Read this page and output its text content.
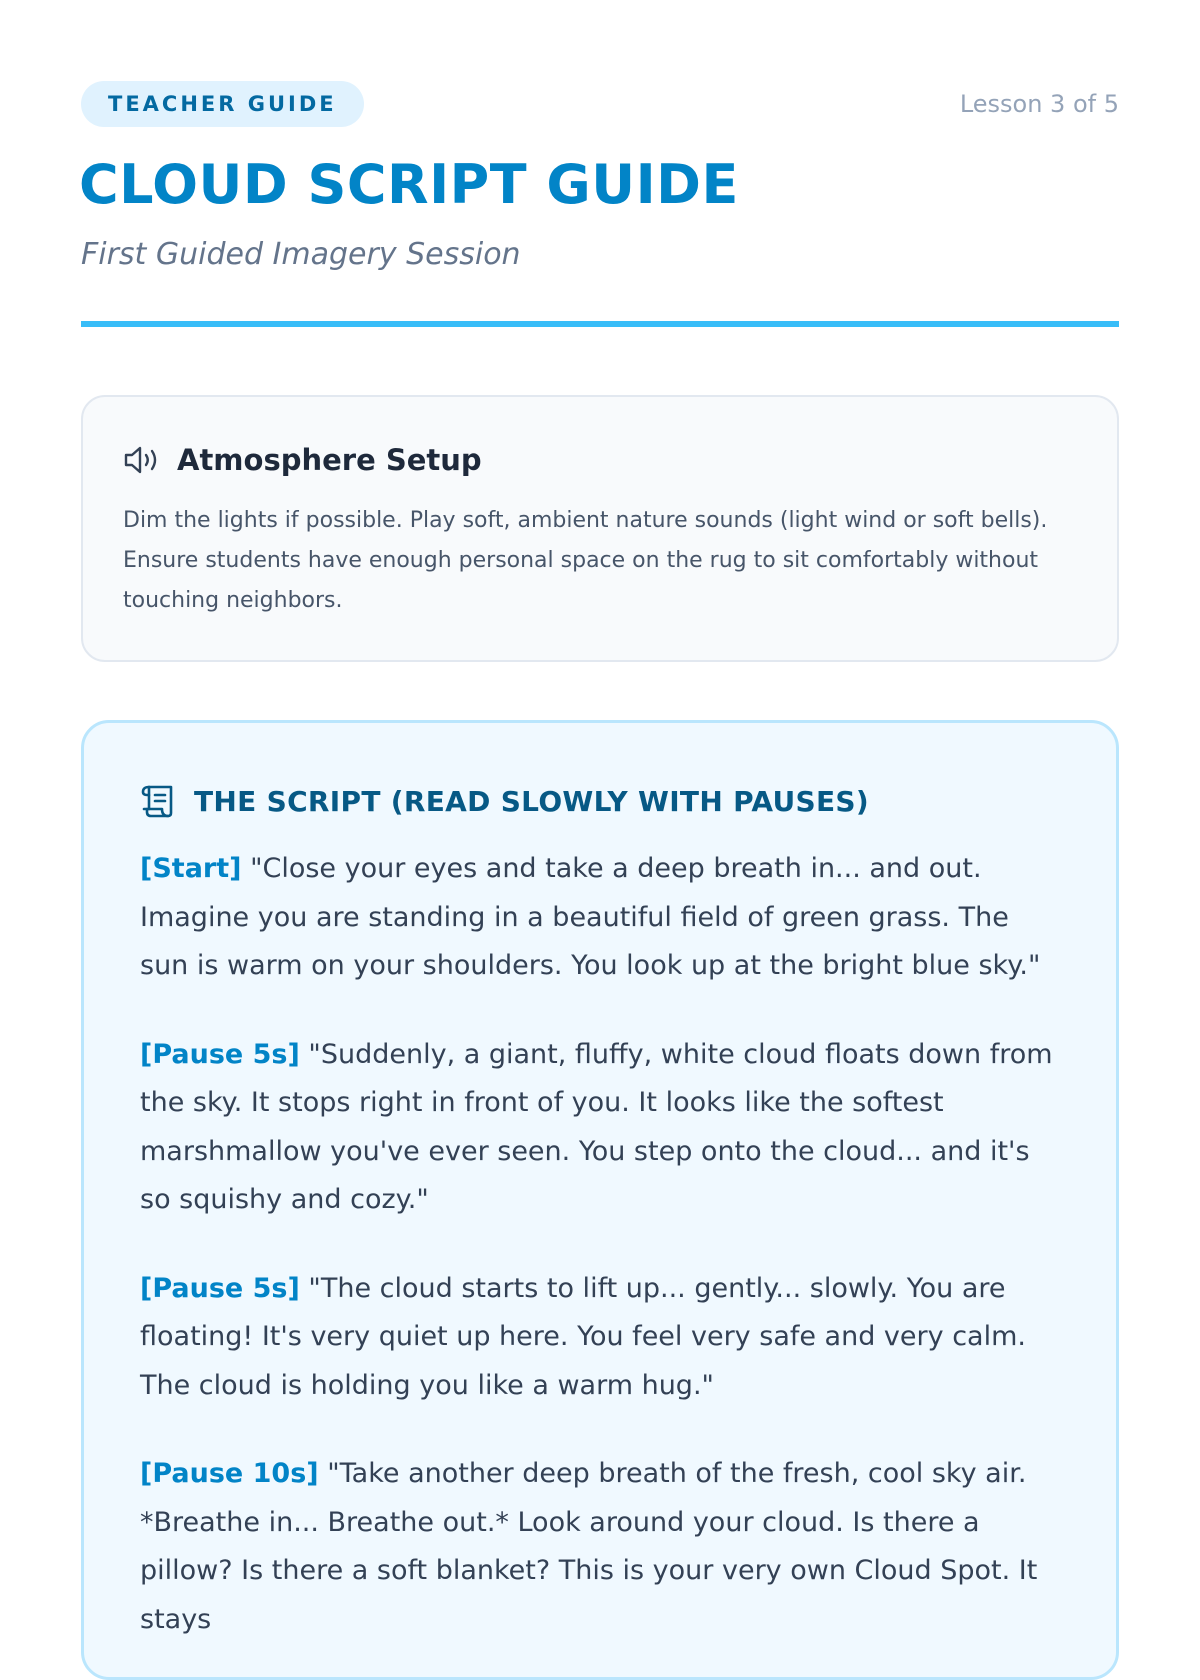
TEACHER GUIDE	Lesson 3 of 5
CLOUD SCRIPT GUIDE

First Guided Imagery Session

Atmosphere Setup

Dim the lights if possible. Play soft, ambient nature sounds (light wind or soft bells). Ensure students have enough personal space on the rug to sit comfortably without touching neighbors.

THE SCRIPT (READ SLOWLY WITH PAUSES)

[Start] "Close your eyes and take a deep breath in... and out. Imagine you are standing in a beautiful field of green grass. The sun is warm on your shoulders. You look up at the bright blue sky."

[Pause 5s] "Suddenly, a giant, fluffy, white cloud floats down from the sky. It stops right in front of you. It looks like the softest marshmallow you've ever seen. You step onto the cloud... and it's so squishy and cozy."

[Pause 5s] "The cloud starts to lift up... gently... slowly. You are floating! It's very quiet up here. You feel very safe and very calm. The cloud is holding you like a warm hug."

[Pause 10s] "Take another deep breath of the fresh, cool sky air. *Breathe in... Breathe out.* Look around your cloud. Is there a pillow? Is there a soft blanket? This is your very own Cloud Spot. It stays
